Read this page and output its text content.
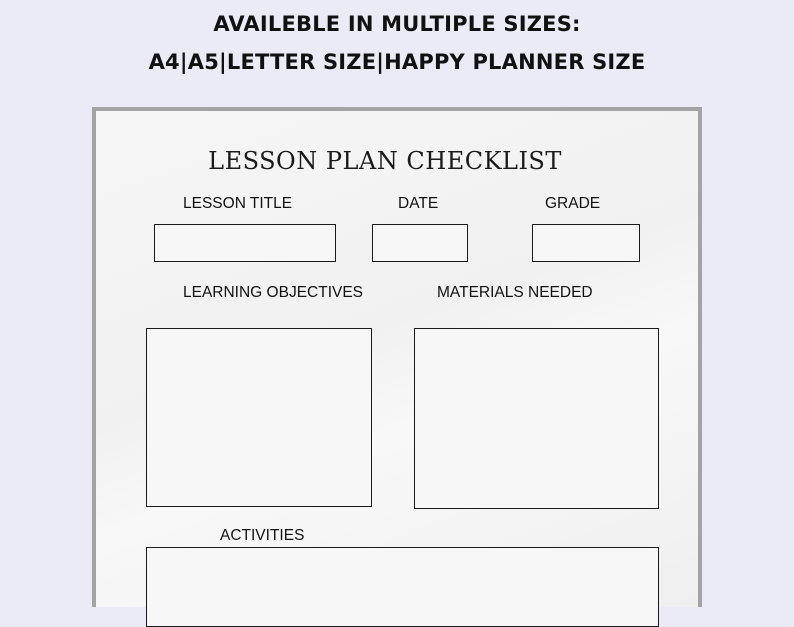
AVAILEBLE IN MULTIPLE SIZES:
A4|A5|LETTER SIZE|HAPPY PLANNER SIZE
LESSON PLAN CHECKLIST
LESSON TITLE	DATE	GRADE
LEARNING OBJECTIVES	MATERIALS NEEDED
ACTIVITIES
